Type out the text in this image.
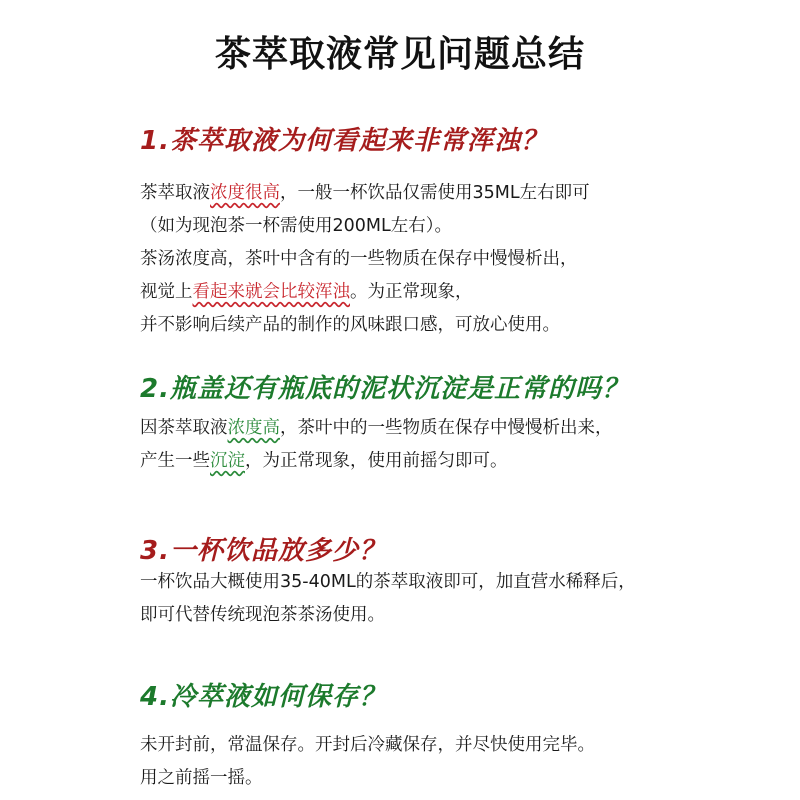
茶萃取液常见问题总结
1.茶萃取液为何看起来非常浑浊？
茶萃取液浓度很高，一般一杯饮品仅需使用35ML左右即可
（如为现泡茶一杯需使用200ML左右）。
茶汤浓度高，茶叶中含有的一些物质在保存中慢慢析出，
视觉上看起来就会比较浑浊。为正常现象，
并不影响后续产品的制作的风味跟口感，可放心使用。
2.瓶盖还有瓶底的泥状沉淀是正常的吗？
因茶萃取液浓度高，茶叶中的一些物质在保存中慢慢析出来，
产生一些沉淀，为正常现象，使用前摇匀即可。
3.一杯饮品放多少？
一杯饮品大概使用35-40ML的茶萃取液即可，加直营水稀释后，
即可代替传统现泡茶茶汤使用。
4.冷萃液如何保存？
未开封前，常温保存。开封后冷藏保存，并尽快使用完毕。
用之前摇一摇。
